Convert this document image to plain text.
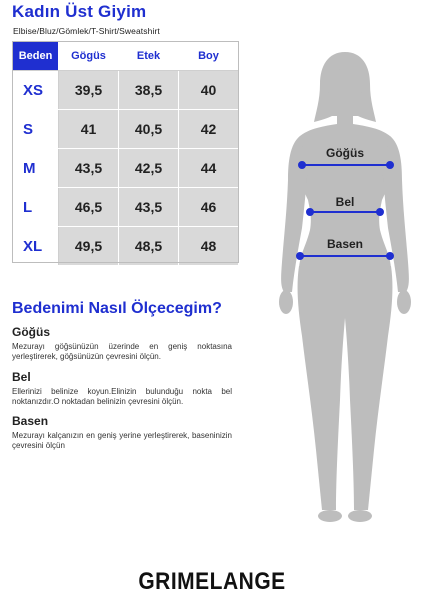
Kadın Üst Giyim
Elbise/Bluz/Gömlek/T-Shirt/Sweatshirt
Beden	Gögüs	Etek	Boy
XS	39,5	38,5	40
S	41	40,5	42
M	43,5	42,5	44
L	46,5	43,5	46
XL	49,5	48,5	48
Bedenimi Nasıl Ölçecegim?
Göğüs
Mezurayı göğsünüzün üzerinde en geniş noktasına yerleştirerek, göğsünüzün çevresini ölçün.
Bel
Ellerinizi belinize koyun.Elinizin bulunduğu nokta bel noktanızdır.O noktadan belinizin çevresini ölçün.
Basen
Mezurayı kalçanızın en geniş yerine yerleştirerek, baseninizin çevresini ölçün
Göğüs
Bel
Basen
GRIMELANGE
